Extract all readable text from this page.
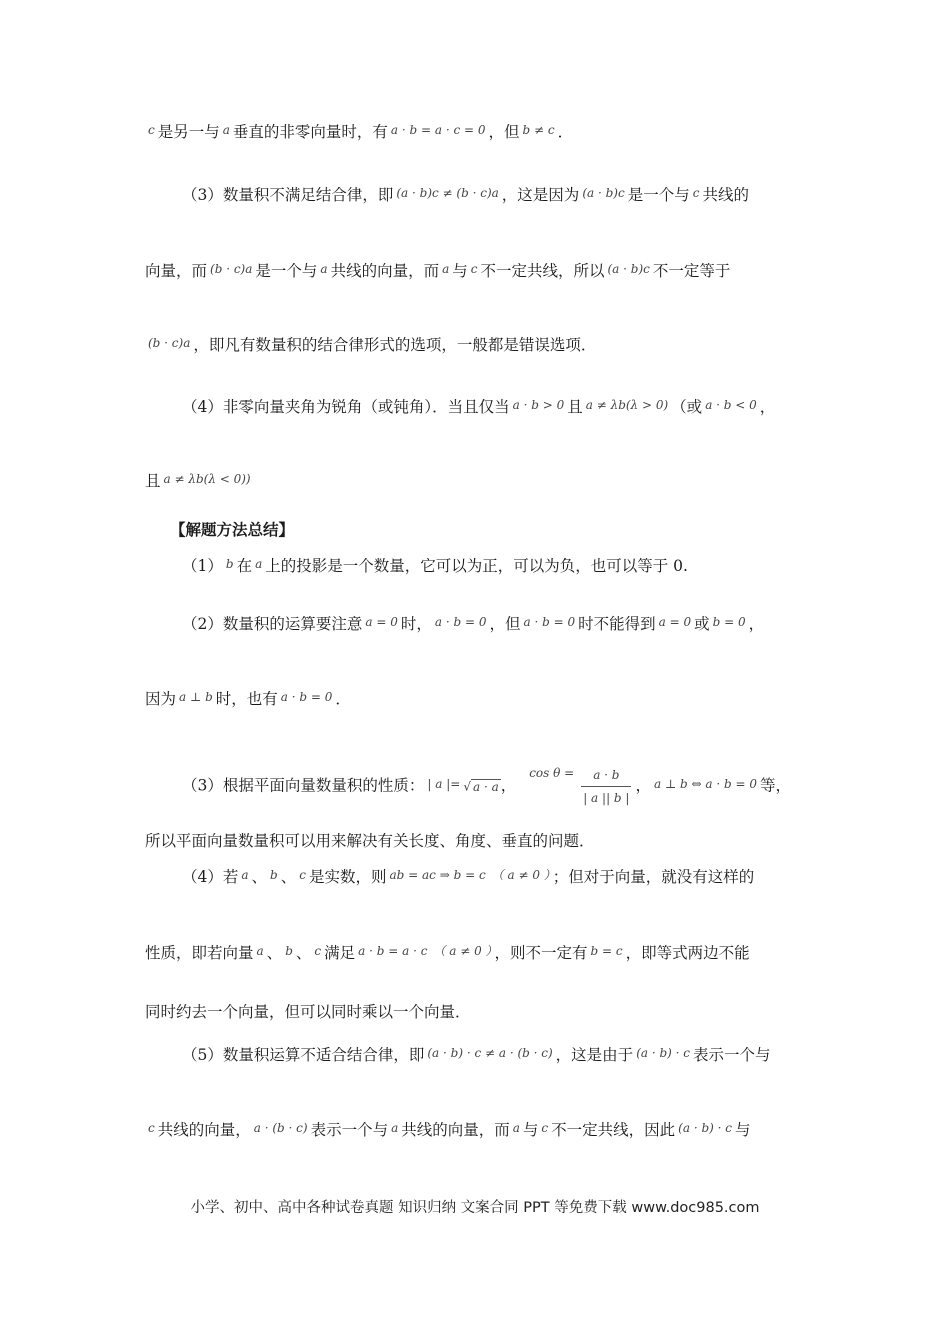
c 是另一与 a 垂直的非零向量时，有 a · b = a · c = 0 ，但 b ≠ c ．
（3）数量积不满足结合律，即 (a · b)c ≠ (b · c)a ，这是因为 (a · b)c 是一个与 c 共线的
向量，而 (b · c)a 是一个与 a 共线的向量，而 a 与 c 不一定共线，所以 (a · b)c 不一定等于
(b · c)a ，即凡有数量积的结合律形式的选项，一般都是错误选项．
（4）非零向量夹角为锐角（或钝角）．当且仅当 a · b > 0 且 a ≠ λb(λ > 0) （或 a · b < 0 ，
且 a ≠ λb(λ < 0))
【解题方法总结】
（1） b 在 a 上的投影是一个数量，它可以为正，可以为负，也可以等于 0.
（2）数量积的运算要注意 a = 0 时， a · b = 0 ，但 a · b = 0 时不能得到 a = 0 或 b = 0 ，
因为 a ⊥ b 时，也有 a · b = 0 ．
（3）根据平面向量数量积的性质： | a |= √ a · a ， $^{cos \theta =} \frac{a \cdot b}{| a || b |}$ ， a ⊥ b ⇔ a · b = 0 等，
所以平面向量数量积可以用来解决有关长度、角度、垂直的问题．
（4）若 a 、 b 、 c 是实数，则 ab = ac ⇒ b = c （ a ≠ 0 ） ；但对于向量，就没有这样的
性质，即若向量 a 、 b 、 c 满足 a · b = a · c （ a ≠ 0 ） ，则不一定有 b = c ，即等式两边不能
同时约去一个向量，但可以同时乘以一个向量．
（5）数量积运算不适合结合律，即 (a · b) · c ≠ a · (b · c) ，这是由于 (a · b) · c 表示一个与
c 共线的向量， a · (b · c) 表示一个与 a 共线的向量，而 a 与 c 不一定共线，因此 (a · b) · c 与
小学、初中、高中各种试卷真题 知识归纳 文案合同 PPT 等免费下载 www.doc985.com
